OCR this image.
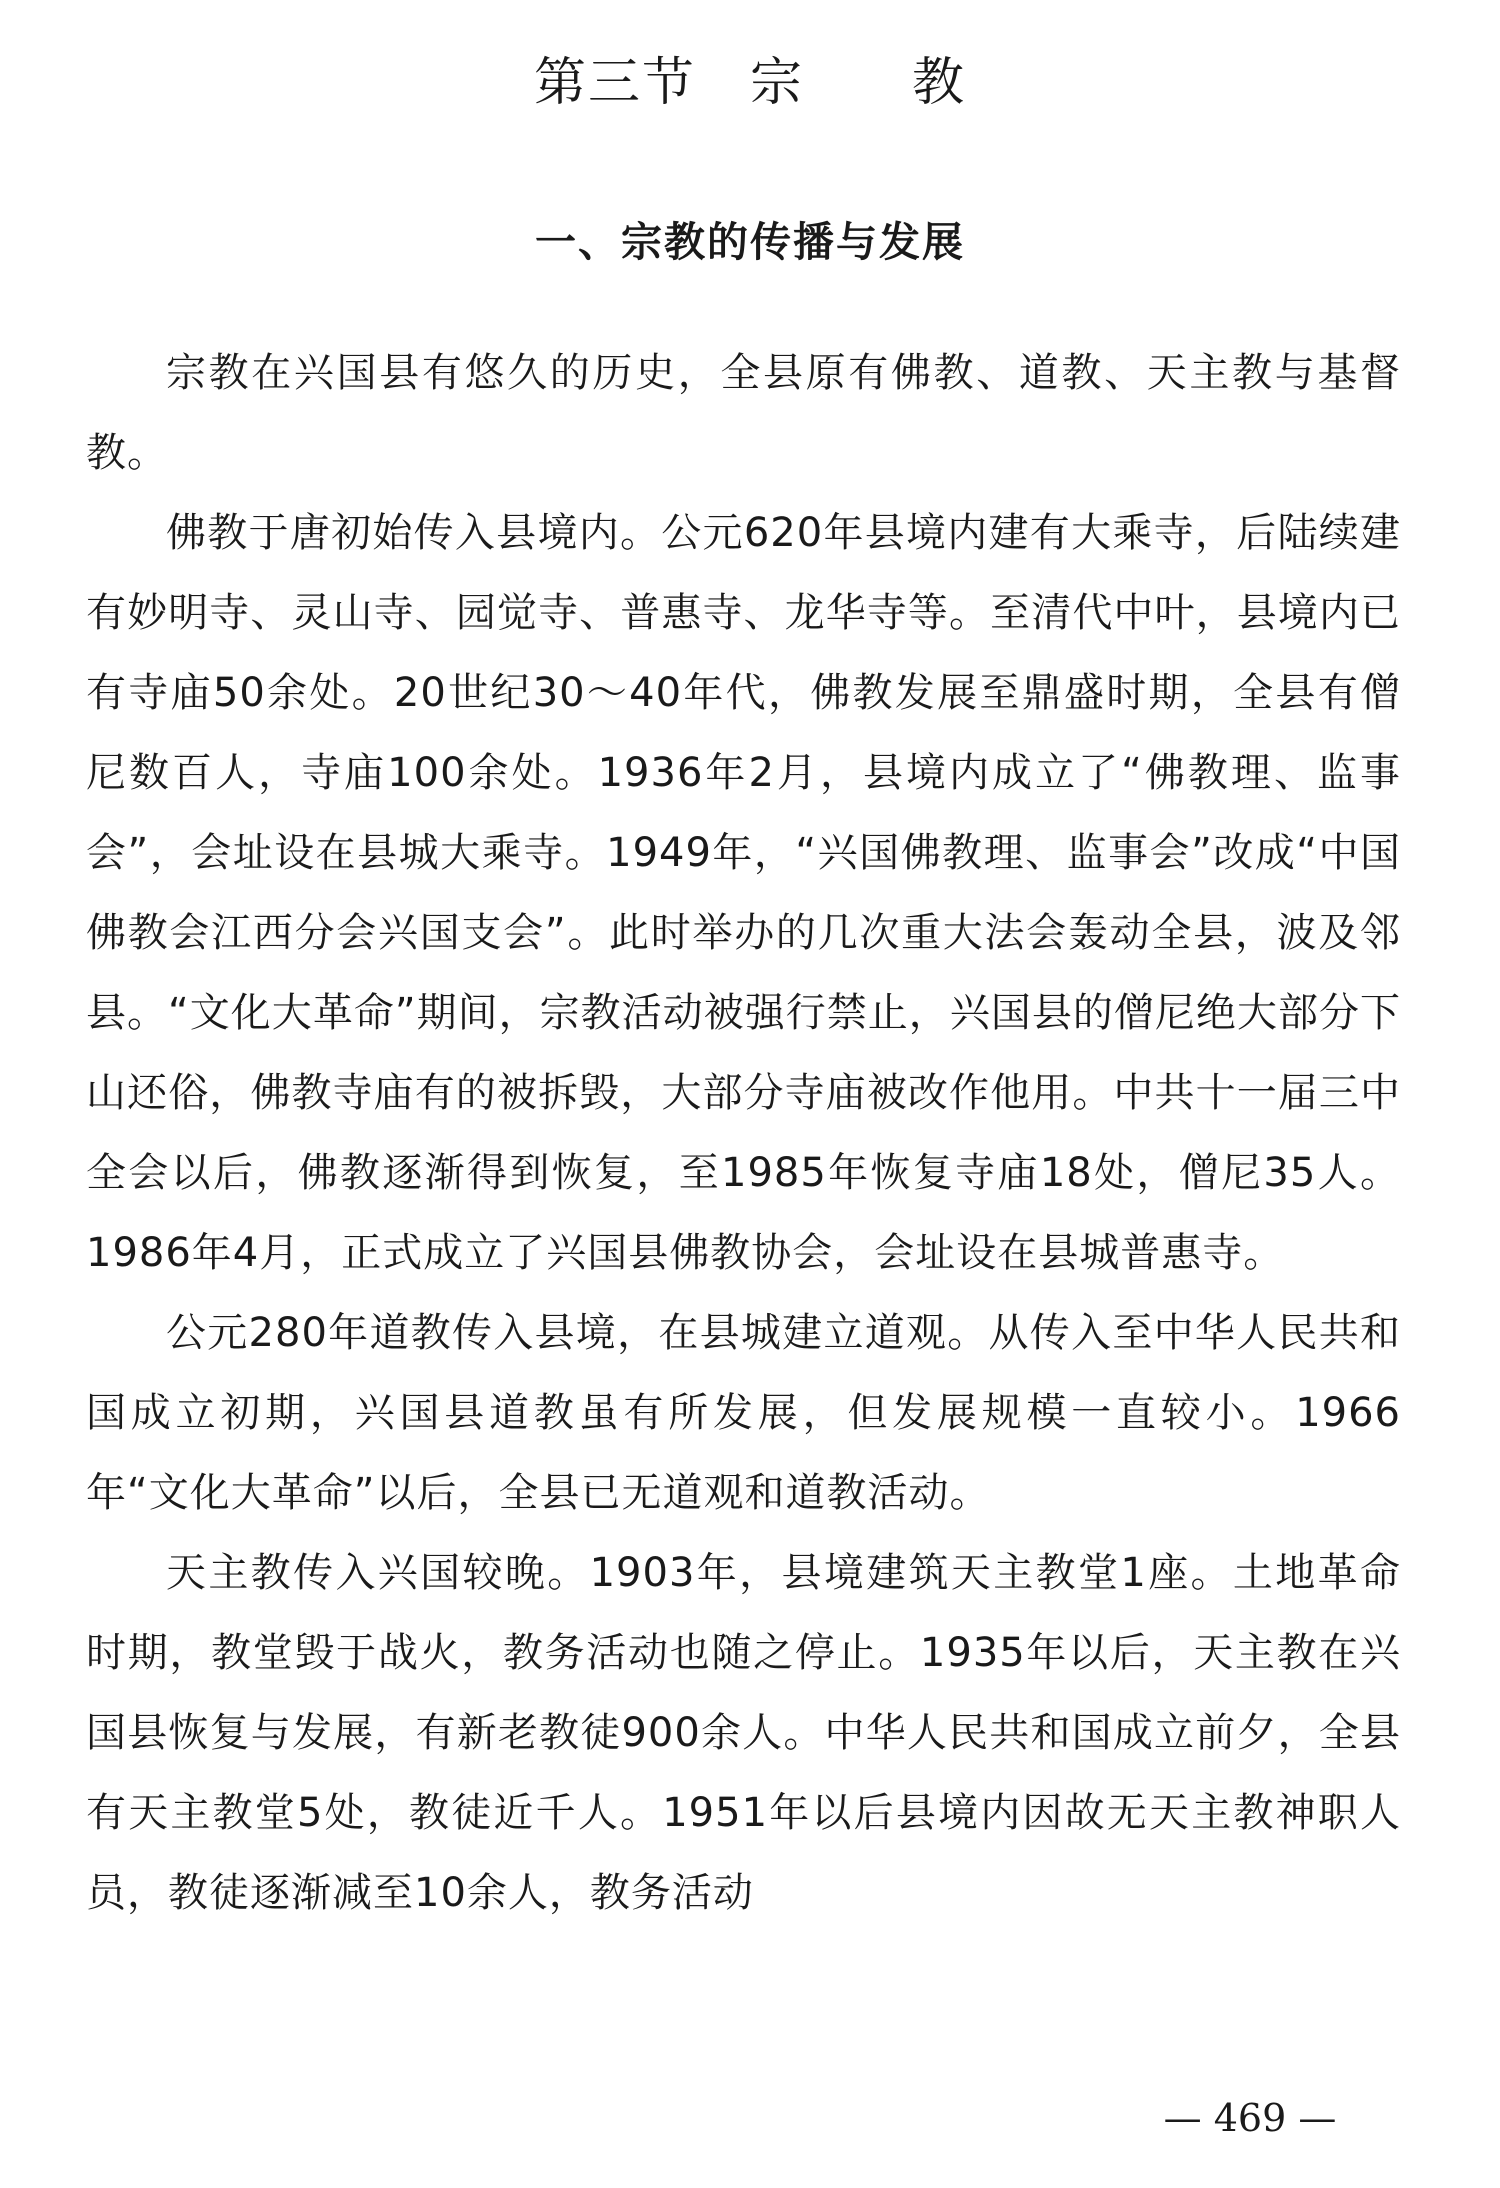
第三节　宗　　教
一、宗教的传播与发展

宗教在兴国县有悠久的历史，全县原有佛教、道教、天主教与基督教。

佛教于唐初始传入县境内。公元620年县境内建有大乘寺，后陆续建有妙明寺、灵山寺、园觉寺、普惠寺、龙华寺等。至清代中叶，县境内已有寺庙50余处。20世纪30～40年代，佛教发展至鼎盛时期，全县有僧尼数百人，寺庙100余处。1936年2月，县境内成立了“佛教理、监事会”，会址设在县城大乘寺。1949年，“兴国佛教理、监事会”改成“中国佛教会江西分会兴国支会”。此时举办的几次重大法会轰动全县，波及邻县。“文化大革命”期间，宗教活动被强行禁止，兴国县的僧尼绝大部分下山还俗，佛教寺庙有的被拆毁，大部分寺庙被改作他用。中共十一届三中全会以后，佛教逐渐得到恢复，至1985年恢复寺庙18处，僧尼35人。1986年4月，正式成立了兴国县佛教协会，会址设在县城普惠寺。

公元280年道教传入县境，在县城建立道观。从传入至中华人民共和国成立初期，兴国县道教虽有所发展，但发展规模一直较小。1966年“文化大革命”以后，全县已无道观和道教活动。

天主教传入兴国较晚。1903年，县境建筑天主教堂1座。土地革命时期，教堂毁于战火，教务活动也随之停止。1935年以后，天主教在兴国县恢复与发展，有新老教徒900余人。中华人民共和国成立前夕，全县有天主教堂5处，教徒近千人。1951年以后县境内因故无天主教神职人员，教徒逐渐减至10余人，教务活动

— 469 —
